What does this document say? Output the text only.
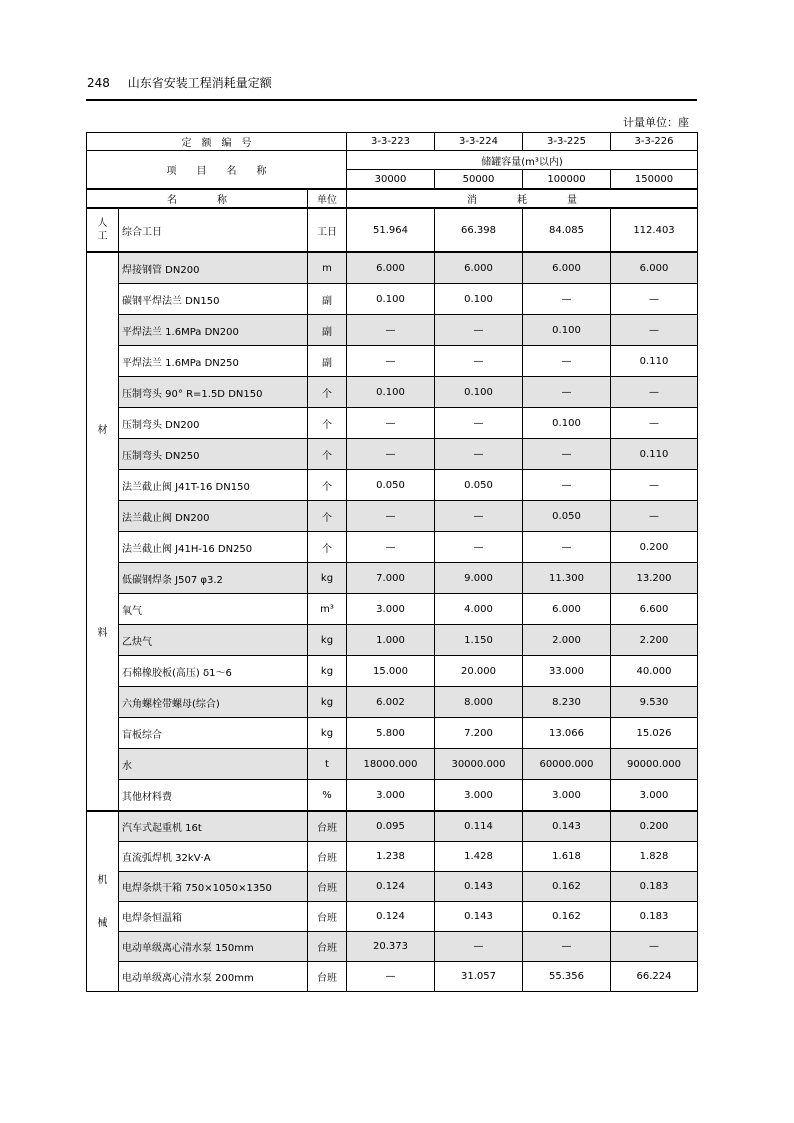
248 山东省安装工程消耗量定额
计量单位：座
定　额　编　号			3-3-223	3-3-224	3-3-225	3-3-226
项　　目　　名　　称			储罐容量(m³以内)			
			30000	50000	100000	150000
名　　　　称		单位	消　　　　耗　　　　量			
人
工	综合工日	工日	51.964	66.398	84.085	112.403

材
料	焊接钢管 DN200	m	6.000	6.000	6.000	6.000
	碳钢平焊法兰 DN150	副	0.100	0.100	—	—
	平焊法兰 1.6MPa DN200	副	—	—	0.100	—
	平焊法兰 1.6MPa DN250	副	—	—	—	0.110
	压制弯头 90° R=1.5D DN150	个	0.100	0.100	—	—
	压制弯头 DN200	个	—	—	0.100	—
	压制弯头 DN250	个	—	—	—	0.110
	法兰截止阀 J41T-16 DN150	个	0.050	0.050	—	—
	法兰截止阀 DN200	个	—	—	0.050	—
	法兰截止阀 J41H-16 DN250	个	—	—	—	0.200
	低碳钢焊条 J507 φ3.2	kg	7.000	9.000	11.300	13.200
	氧气	m³	3.000	4.000	6.000	6.600
	乙炔气	kg	1.000	1.150	2.000	2.200
	石棉橡胶板(高压) δ1～6	kg	15.000	20.000	33.000	40.000
	六角螺栓带螺母(综合)	kg	6.002	8.000	8.230	9.530
	盲板综合	kg	5.800	7.200	13.066	15.026
	水	t	18000.000	30000.000	60000.000	90000.000
	其他材料费	%	3.000	3.000	3.000	3.000

机
械	汽车式起重机 16t	台班	0.095	0.114	0.143	0.200
	直流弧焊机 32kV·A	台班	1.238	1.428	1.618	1.828
	电焊条烘干箱 750×1050×1350	台班	0.124	0.143	0.162	0.183
	电焊条恒温箱	台班	0.124	0.143	0.162	0.183
	电动单级离心清水泵 150mm	台班	20.373	—	—	—
	电动单级离心清水泵 200mm	台班	—	31.057	55.356	66.224
